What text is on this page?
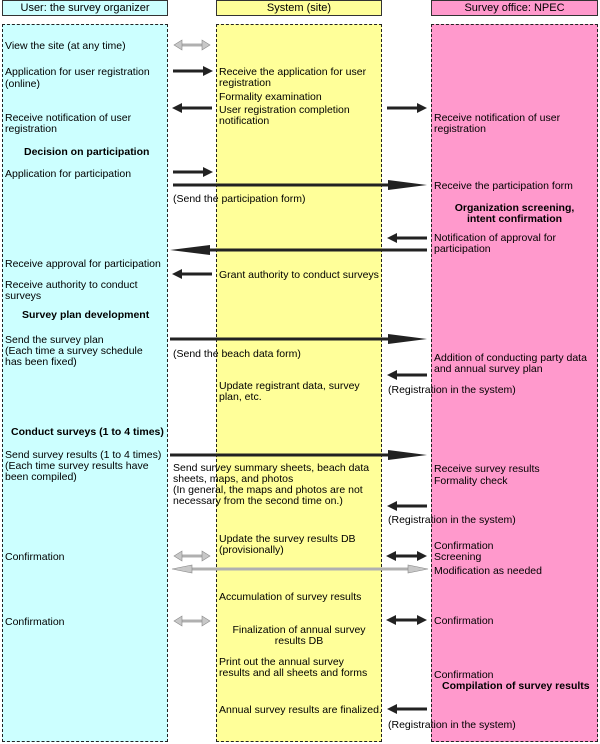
User: the survey organizer	System (site)	Survey office: NPEC
View the site (at any time)
Application for user registration
(online)
Receive notification of user
registration
Decision on participation
Application for participation
Receive approval for participation
Receive authority to conduct
surveys
Survey plan development
Send the survey plan
(Each time a survey schedule
has been fixed)
Conduct surveys (1 to 4 times)
Send survey results (1 to 4 times)
(Each time survey results have
been compiled)
Confirmation
Confirmation
Receive the application for user
registration
Formality examination
User registration completion
notification
(Send the participation form)
Grant authority to conduct surveys
(Send the beach data form)
Update registrant data, survey
plan, etc.
Send survey summary sheets, beach data
sheets, maps, and photos
(In general, the maps and photos are not
necessary from the second time on.)
Update the survey results DB
(provisionally)
Accumulation of survey results
Finalization of annual survey
results DB
Print out the annual survey
results and all sheets and forms
Annual survey results are finalized.
Receive notification of user
registration
Receive the participation form
Organization screening,
intent confirmation
Notification of approval for
participation
Addition of conducting party data
and annual survey plan
(Registration in the system)
Receive survey results
Formality check
(Registration in the system)
Confirmation
Screening
Modification as needed
Confirmation
Confirmation
Compilation of survey results
(Registration in the system)
